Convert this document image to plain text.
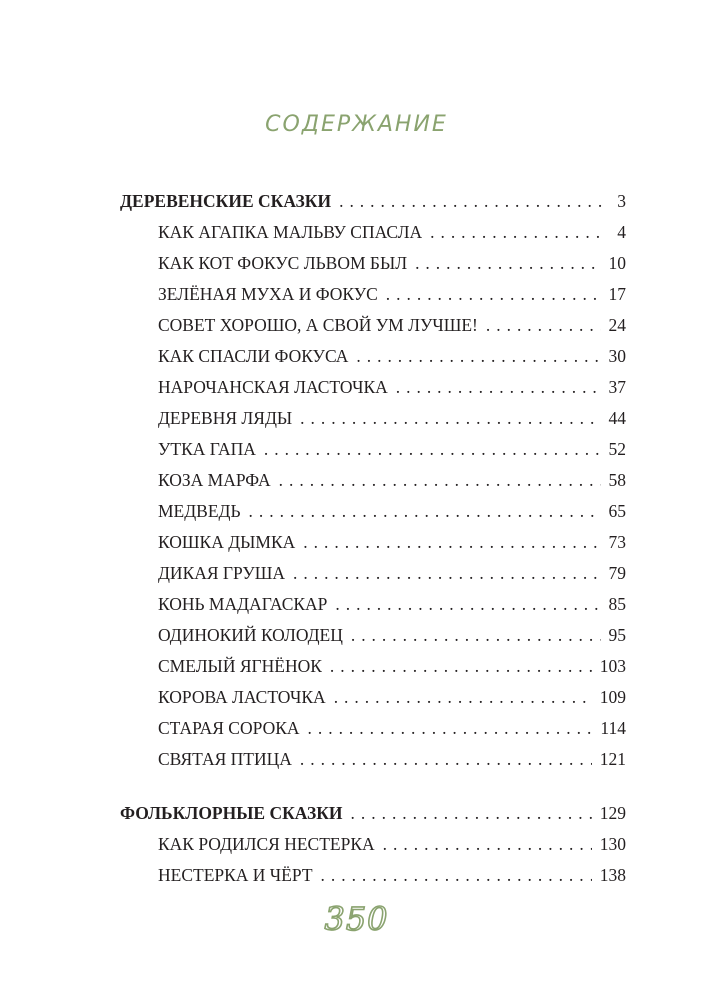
СОДЕРЖАНИЕ
ДЕРЕВЕНСКИЕ СКАЗКИ . . .	3
КАК АГАПКА МАЛЬВУ СПАСЛА . . .	4
КАК КОТ ФОКУС ЛЬВОМ БЫЛ . . .	10
ЗЕЛЁНАЯ МУХА И ФОКУС . . .	17
СОВЕТ ХОРОШО, А СВОЙ УМ ЛУЧШЕ! . . .	24
КАК СПАСЛИ ФОКУСА . . .	30
НАРОЧАНСКАЯ ЛАСТОЧКА . . .	37
ДЕРЕВНЯ ЛЯДЫ . . .	44
УТКА ГАПА . . .	52
КОЗА МАРФА . . .	58
МЕДВЕДЬ . . .	65
КОШКА ДЫМКА . . .	73
ДИКАЯ ГРУША . . .	79
КОНЬ МАДАГАСКАР . . .	85
ОДИНОКИЙ КОЛОДЕЦ . . .	95
СМЕЛЫЙ ЯГНЁНОК . . .	103
КОРОВА ЛАСТОЧКА . . .	109
СТАРАЯ СОРОКА . . .	114
СВЯТАЯ ПТИЦА . . .	121
ФОЛЬКЛОРНЫЕ СКАЗКИ . . .	129
КАК РОДИЛСЯ НЕСТЕРКА . . .	130
НЕСТЕРКА И ЧЁРТ . . .	138
350
